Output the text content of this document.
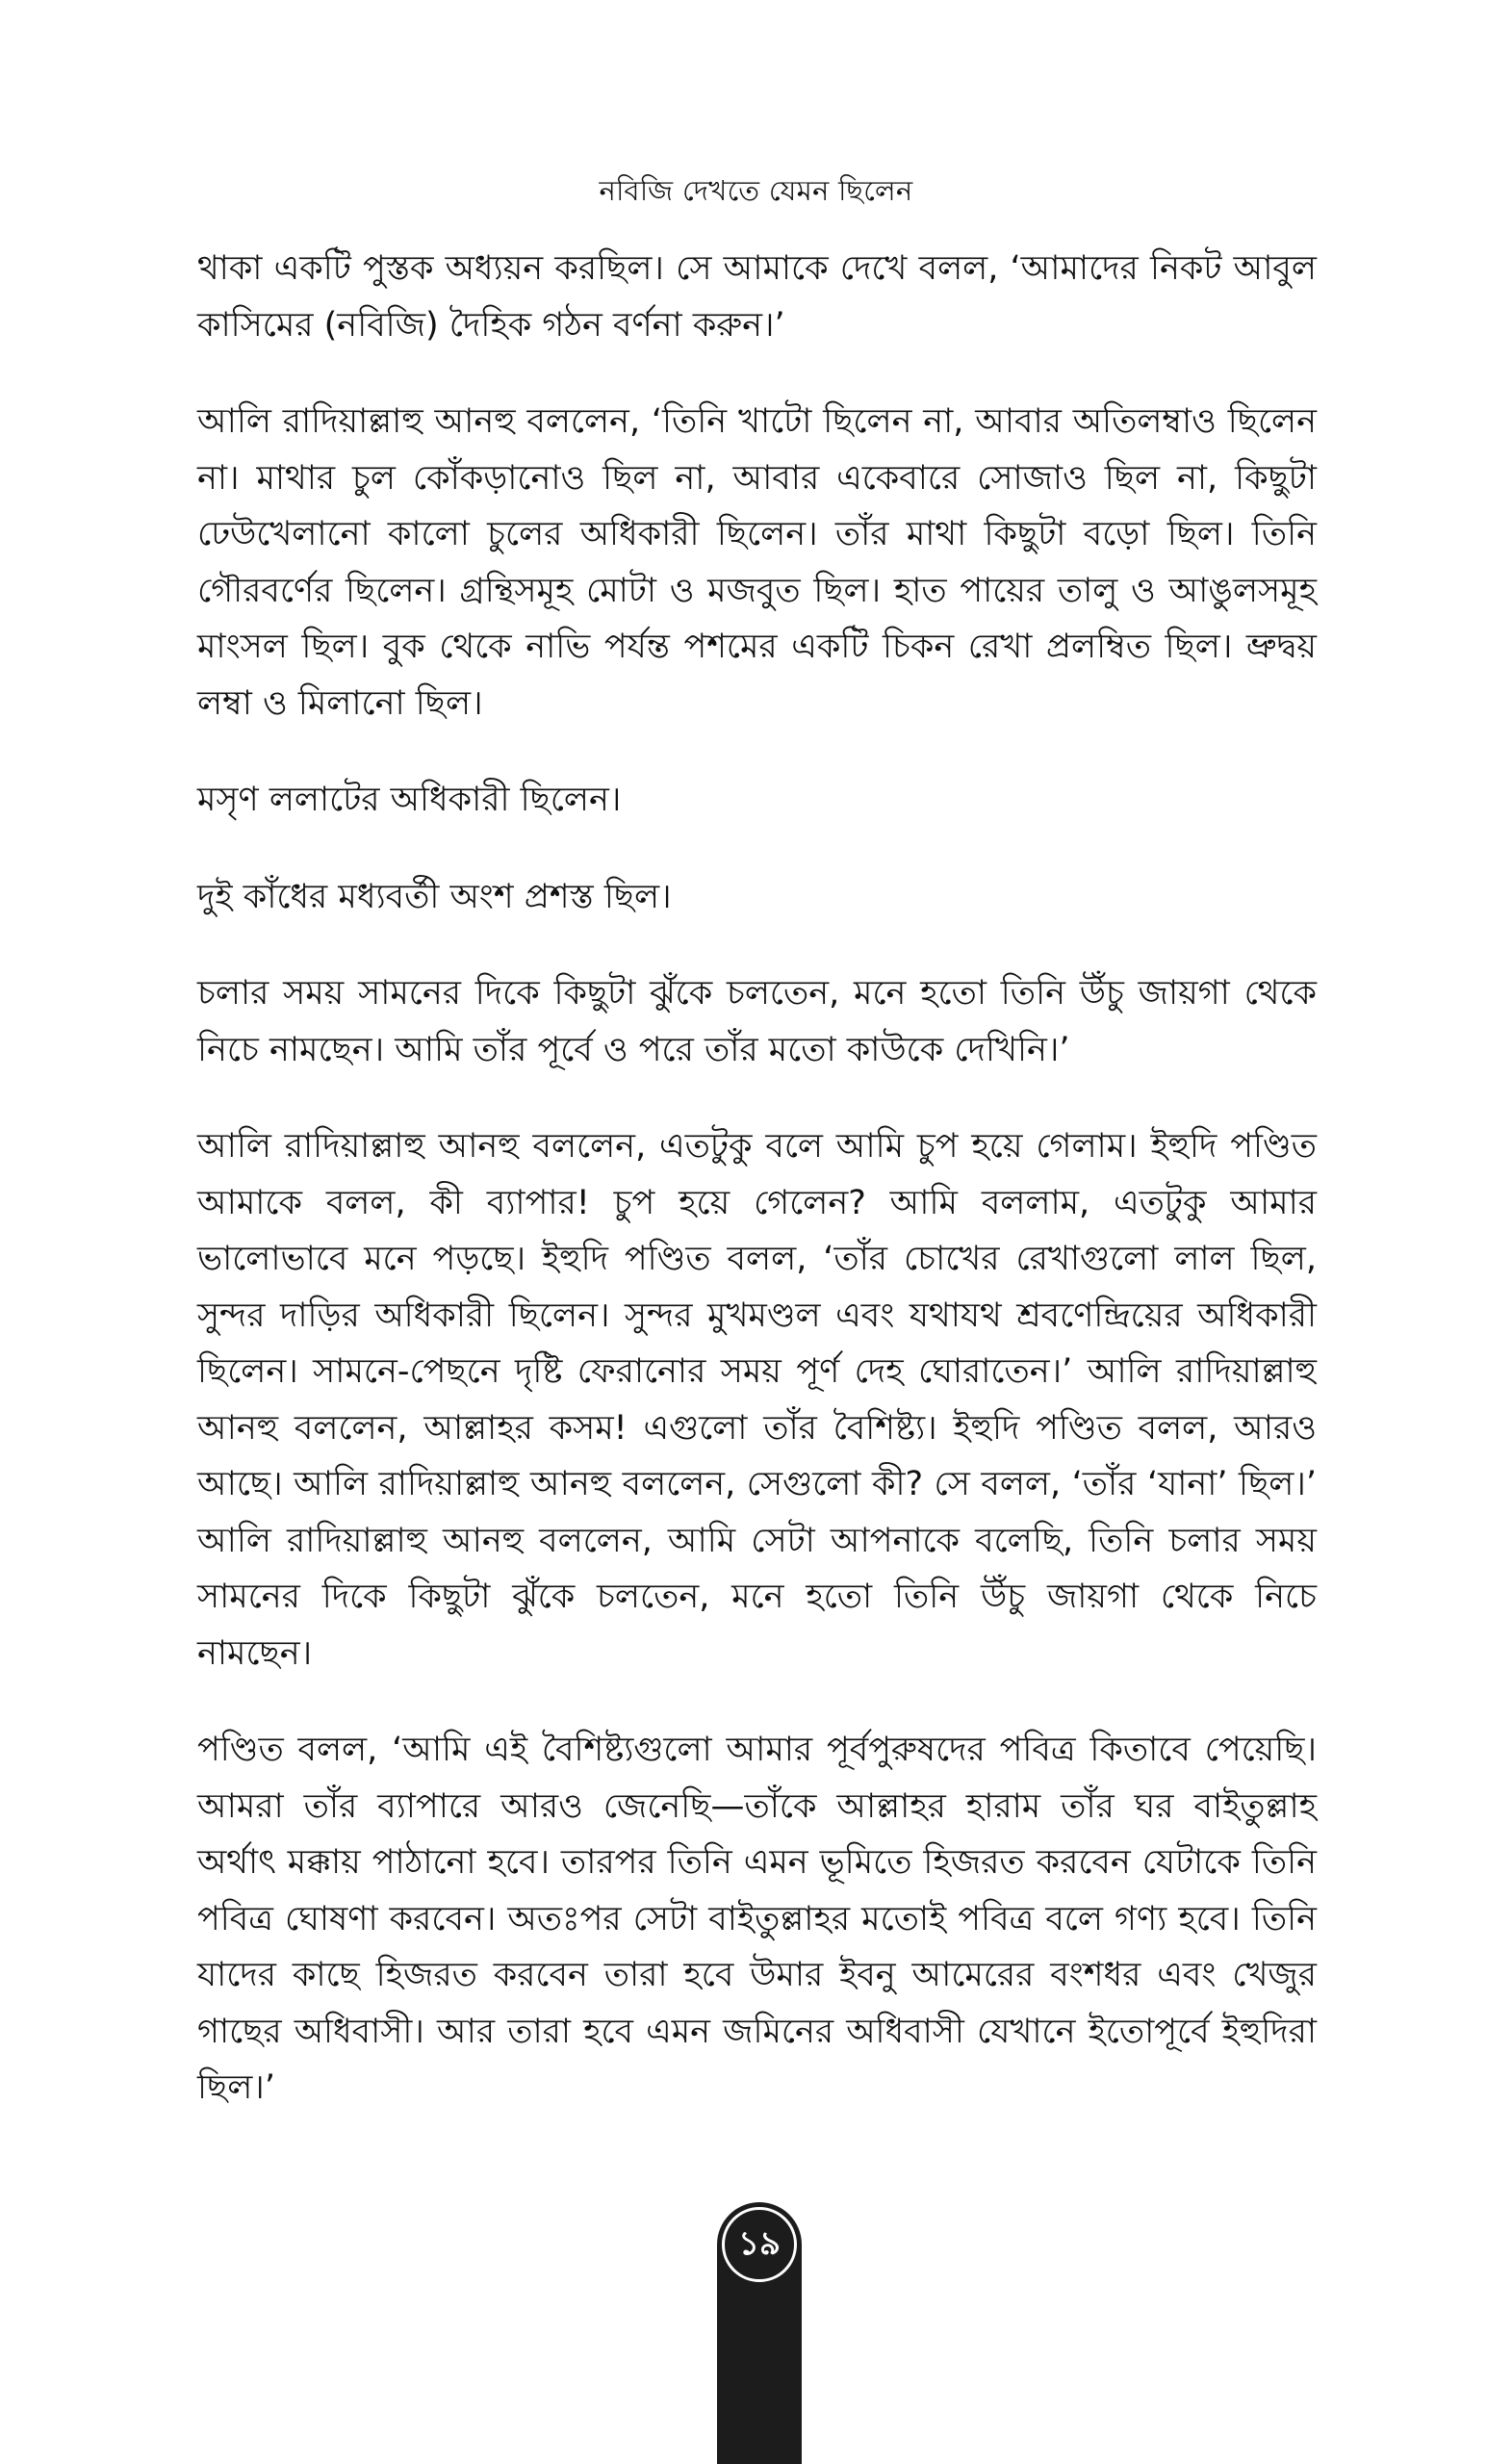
নবিজি দেখতে যেমন ছিলেন

থাকা একটি পুস্তক অধ্যয়ন করছিল। সে আমাকে দেখে বলল, ‘আমাদের নিকট আবুল কাসিমের (নবিজি) দৈহিক গঠন বর্ণনা করুন।’

আলি রাদিয়াল্লাহু আনহু বললেন, ‘তিনি খাটো ছিলেন না, আবার অতিলম্বাও ছিলেন না। মাথার চুল কোঁকড়ানোও ছিল না, আবার একেবারে সোজাও ছিল না, কিছুটা ঢেউখেলানো কালো চুলের অধিকারী ছিলেন। তাঁর মাথা কিছুটা বড়ো ছিল। তিনি গৌরবর্ণের ছিলেন। গ্রন্থিসমূহ মোটা ও মজবুত ছিল। হাত পায়ের তালু ও আঙুলসমূহ মাংসল ছিল। বুক থেকে নাভি পর্যন্ত পশমের একটি চিকন রেখা প্রলম্বিত ছিল। ভ্রুদ্বয় লম্বা ও মিলানো ছিল।

মসৃণ ললাটের অধিকারী ছিলেন।

দুই কাঁধের মধ্যবর্তী অংশ প্রশস্ত ছিল।

চলার সময় সামনের দিকে কিছুটা ঝুঁকে চলতেন, মনে হতো তিনি উঁচু জায়গা থেকে নিচে নামছেন। আমি তাঁর পূর্বে ও পরে তাঁর মতো কাউকে দেখিনি।’

আলি রাদিয়াল্লাহু আনহু বললেন, এতটুকু বলে আমি চুপ হয়ে গেলাম। ইহুদি পণ্ডিত আমাকে বলল, কী ব্যাপার! চুপ হয়ে গেলেন? আমি বললাম, এতটুকু আমার ভালোভাবে মনে পড়ছে। ইহুদি পণ্ডিত বলল, ‘তাঁর চোখের রেখাগুলো লাল ছিল, সুন্দর দাড়ির অধিকারী ছিলেন। সুন্দর মুখমণ্ডল এবং যথাযথ শ্রবণেন্দ্রিয়ের অধিকারী ছিলেন। সামনে-পেছনে দৃষ্টি ফেরানোর সময় পূর্ণ দেহ ঘোরাতেন।’ আলি রাদিয়াল্লাহু আনহু বললেন, আল্লাহর কসম! এগুলো তাঁর বৈশিষ্ট্য। ইহুদি পণ্ডিত বলল, আরও আছে। আলি রাদিয়াল্লাহু আনহু বললেন, সেগুলো কী? সে বলল, ‘তাঁর ‘যানা’ ছিল।’ আলি রাদিয়াল্লাহু আনহু বললেন, আমি সেটা আপনাকে বলেছি, তিনি চলার সময় সামনের দিকে কিছুটা ঝুঁকে চলতেন, মনে হতো তিনি উঁচু জায়গা থেকে নিচে নামছেন।

পণ্ডিত বলল, ‘আমি এই বৈশিষ্ট্যগুলো আমার পূর্বপুরুষদের পবিত্র কিতাবে পেয়েছি। আমরা তাঁর ব্যাপারে আরও জেনেছি—তাঁকে আল্লাহর হারাম তাঁর ঘর বাইতুল্লাহ অর্থাৎ মক্কায় পাঠানো হবে। তারপর তিনি এমন ভূমিতে হিজরত করবেন যেটাকে তিনি পবিত্র ঘোষণা করবেন। অতঃপর সেটা বাইতুল্লাহর মতোই পবিত্র বলে গণ্য হবে। তিনি যাদের কাছে হিজরত করবেন তারা হবে উমার ইবনু আমেরের বংশধর এবং খেজুর গাছের অধিবাসী। আর তারা হবে এমন জমিনের অধিবাসী যেখানে ইতোপূর্বে ইহুদিরা ছিল।’

১৯
